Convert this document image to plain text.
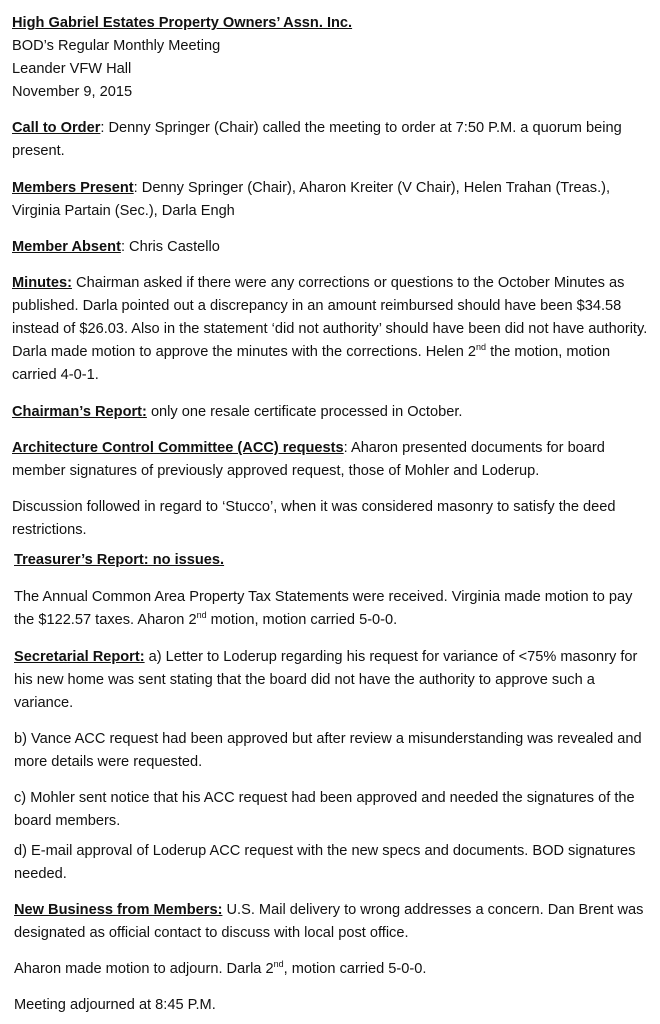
High Gabriel Estates Property Owners’ Assn. Inc.
BOD’s Regular Monthly Meeting
Leander VFW Hall
November 9, 2015

Call to Order: Denny Springer (Chair) called the meeting to order at 7:50 P.M. a quorum being present.

Members Present: Denny Springer (Chair), Aharon Kreiter (V Chair), Helen Trahan (Treas.), Virginia Partain (Sec.), Darla Engh

Member Absent: Chris Castello

Minutes: Chairman asked if there were any corrections or questions to the October Minutes as published. Darla pointed out a discrepancy in an amount reimbursed should have been $34.58 instead of $26.03. Also in the statement ‘did not authority’ should have been did not have authority. Darla made motion to approve the minutes with the corrections. Helen 2nd the motion, motion carried 4-0-1.

Chairman’s Report: only one resale certificate processed in October.

Architecture Control Committee (ACC) requests: Aharon presented documents for board member signatures of previously approved request, those of Mohler and Loderup.

Discussion followed in regard to ‘Stucco’, when it was considered masonry to satisfy the deed restrictions.

Treasurer’s Report: no issues.

The Annual Common Area Property Tax Statements were received. Virginia made motion to pay the $122.57 taxes. Aharon 2nd motion, motion carried 5-0-0.

Secretarial Report: a) Letter to Loderup regarding his request for variance of <75% masonry for his new home was sent stating that the board did not have the authority to approve such a variance.

b) Vance ACC request had been approved but after review a misunderstanding was revealed and more details were requested.

c) Mohler sent notice that his ACC request had been approved and needed the signatures of the board members.

d) E-mail approval of Loderup ACC request with the new specs and documents. BOD signatures needed.

New Business from Members: U.S. Mail delivery to wrong addresses a concern. Dan Brent was designated as official contact to discuss with local post office.

Aharon made motion to adjourn. Darla 2nd, motion carried 5-0-0.

Meeting adjourned at 8:45 P.M.
